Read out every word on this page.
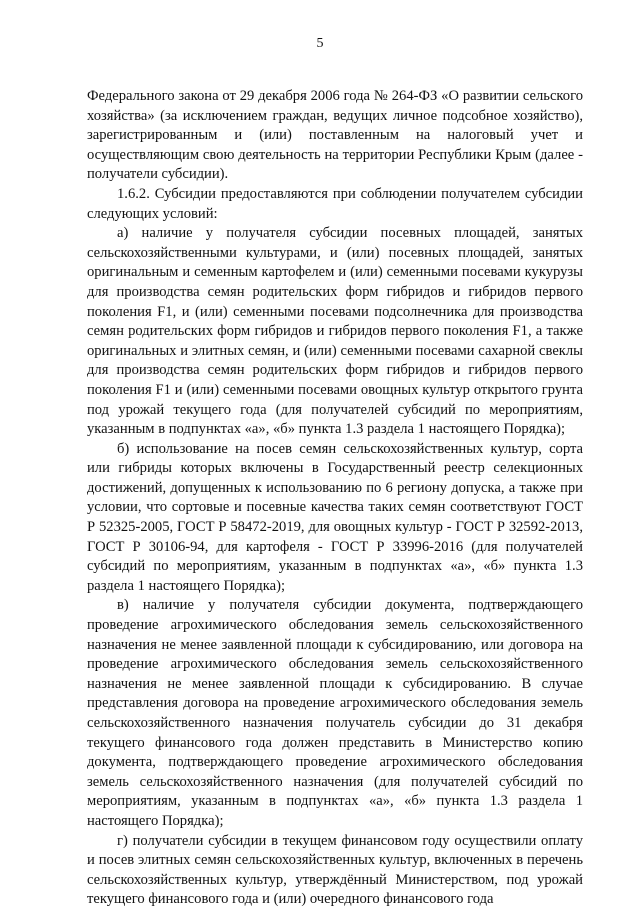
5

Федерального закона от 29 декабря 2006 года № 264-ФЗ «О развитии сельского хозяйства» (за исключением граждан, ведущих личное подсобное хозяйство), зарегистрированным и (или) поставленным на налоговый учет и осуществляющим свою деятельность на территории Республики Крым (далее - получатели субсидии).

1.6.2. Субсидии предоставляются при соблюдении получателем субсидии следующих условий:

а) наличие у получателя субсидии посевных площадей, занятых сельскохозяйственными культурами, и (или) посевных площадей, занятых оригинальным и семенным картофелем и (или) семенными посевами кукурузы для производства семян родительских форм гибридов и гибридов первого поколения F1, и (или) семенными посевами подсолнечника для производства семян родительских форм гибридов и гибридов первого поколения F1, а также оригинальных и элитных семян, и (или) семенными посевами сахарной свеклы для производства семян родительских форм гибридов и гибридов первого поколения F1 и (или) семенными посевами овощных культур открытого грунта под урожай текущего года (для получателей субсидий по мероприятиям, указанным в подпунктах «а», «б» пункта 1.3 раздела 1 настоящего Порядка);

б) использование на посев семян сельскохозяйственных культур, сорта или гибриды которых включены в Государственный реестр селекционных достижений, допущенных к использованию по 6 региону допуска, а также при условии, что сортовые и посевные качества таких семян соответствуют ГОСТ Р 52325-2005, ГОСТ Р 58472-2019, для овощных культур - ГОСТ Р 32592-2013, ГОСТ Р 30106-94, для картофеля - ГОСТ Р 33996-2016 (для получателей субсидий по мероприятиям, указанным в подпунктах «а», «б» пункта 1.3 раздела 1 настоящего Порядка);

в) наличие у получателя субсидии документа, подтверждающего проведение агрохимического обследования земель сельскохозяйственного назначения не менее заявленной площади к субсидированию, или договора на проведение агрохимического обследования земель сельскохозяйственного назначения не менее заявленной площади к субсидированию. В случае представления договора на проведение агрохимического обследования земель сельскохозяйственного назначения получатель субсидии до 31 декабря текущего финансового года должен представить в Министерство копию документа, подтверждающего проведение агрохимического обследования земель сельскохозяйственного назначения (для получателей субсидий по мероприятиям, указанным в подпунктах «а», «б» пункта 1.3 раздела 1 настоящего Порядка);

г) получатели субсидии в текущем финансовом году осуществили оплату и посев элитных семян сельскохозяйственных культур, включенных в перечень сельскохозяйственных культур, утверждённый Министерством, под урожай текущего финансового года и (или) очередного финансового года
